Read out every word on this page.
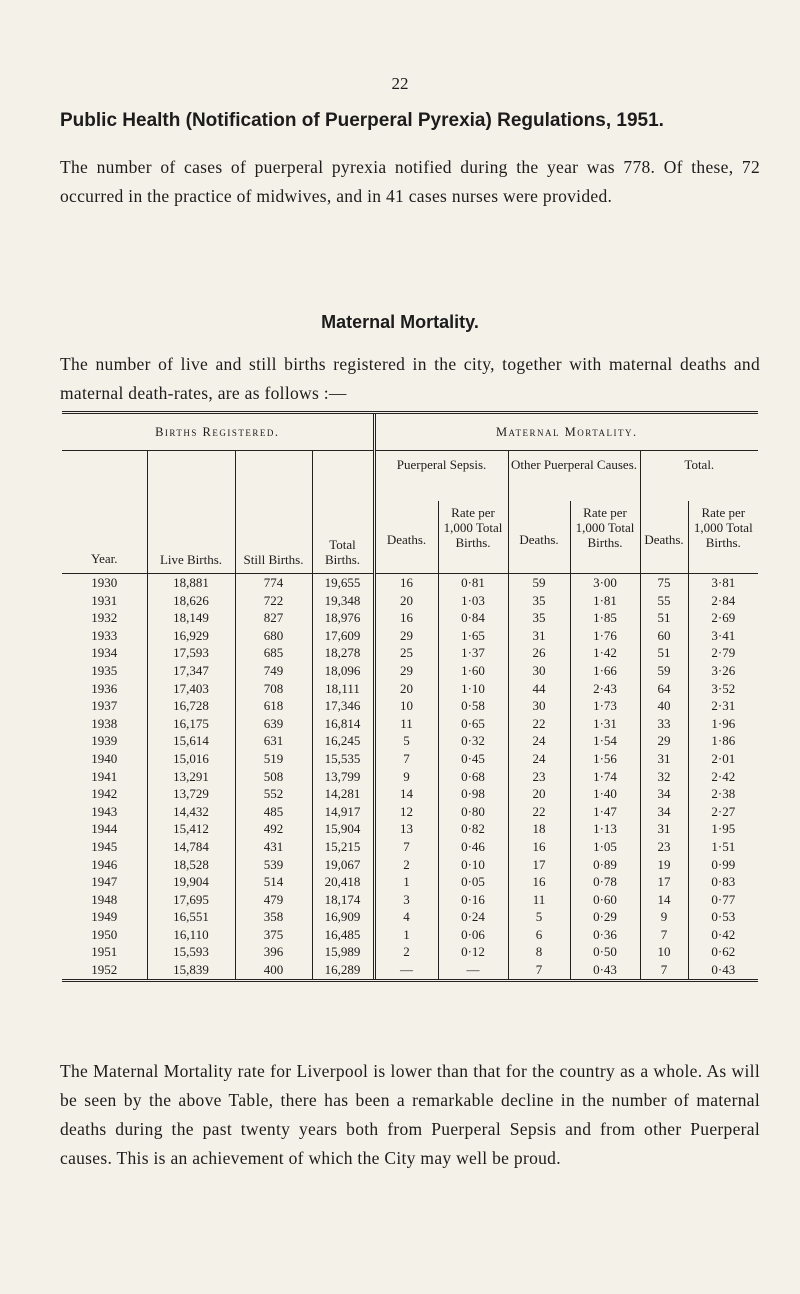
22
Public Health (Notification of Puerperal Pyrexia) Regulations, 1951.
The number of cases of puerperal pyrexia notified during the year was 778. Of these, 72 occurred in the practice of midwives, and in 41 cases nurses were provided.
Maternal Mortality.
The number of live and still births registered in the city, together with maternal deaths and maternal death-rates, are as follows :—
Births Registered.				Maternal Mortality.					
Year.	Live Births.	Still Births.	Total Births.	Puerperal Sepsis.		Other Puerperal Causes.		Total.	
				Deaths.	Rate per 1,000 Total Births.	Deaths.	Rate per 1,000 Total Births.	Deaths.	Rate per 1,000 Total Births.
1930	18,881	774	19,655	16	0·81	59	3·00	75	3·81
1931	18,626	722	19,348	20	1·03	35	1·81	55	2·84
1932	18,149	827	18,976	16	0·84	35	1·85	51	2·69
1933	16,929	680	17,609	29	1·65	31	1·76	60	3·41
1934	17,593	685	18,278	25	1·37	26	1·42	51	2·79
1935	17,347	749	18,096	29	1·60	30	1·66	59	3·26
1936	17,403	708	18,111	20	1·10	44	2·43	64	3·52
1937	16,728	618	17,346	10	0·58	30	1·73	40	2·31
1938	16,175	639	16,814	11	0·65	22	1·31	33	1·96
1939	15,614	631	16,245	5	0·32	24	1·54	29	1·86
1940	15,016	519	15,535	7	0·45	24	1·56	31	2·01
1941	13,291	508	13,799	9	0·68	23	1·74	32	2·42
1942	13,729	552	14,281	14	0·98	20	1·40	34	2·38
1943	14,432	485	14,917	12	0·80	22	1·47	34	2·27
1944	15,412	492	15,904	13	0·82	18	1·13	31	1·95
1945	14,784	431	15,215	7	0·46	16	1·05	23	1·51
1946	18,528	539	19,067	2	0·10	17	0·89	19	0·99
1947	19,904	514	20,418	1	0·05	16	0·78	17	0·83
1948	17,695	479	18,174	3	0·16	11	0·60	14	0·77
1949	16,551	358	16,909	4	0·24	5	0·29	9	0·53
1950	16,110	375	16,485	1	0·06	6	0·36	7	0·42
1951	15,593	396	15,989	2	0·12	8	0·50	10	0·62
1952	15,839	400	16,289	—	—	7	0·43	7	0·43
The Maternal Mortality rate for Liverpool is lower than that for the country as a whole. As will be seen by the above Table, there has been a remarkable decline in the number of maternal deaths during the past twenty years both from Puerperal Sepsis and from other Puerperal causes. This is an achievement of which the City may well be proud.
